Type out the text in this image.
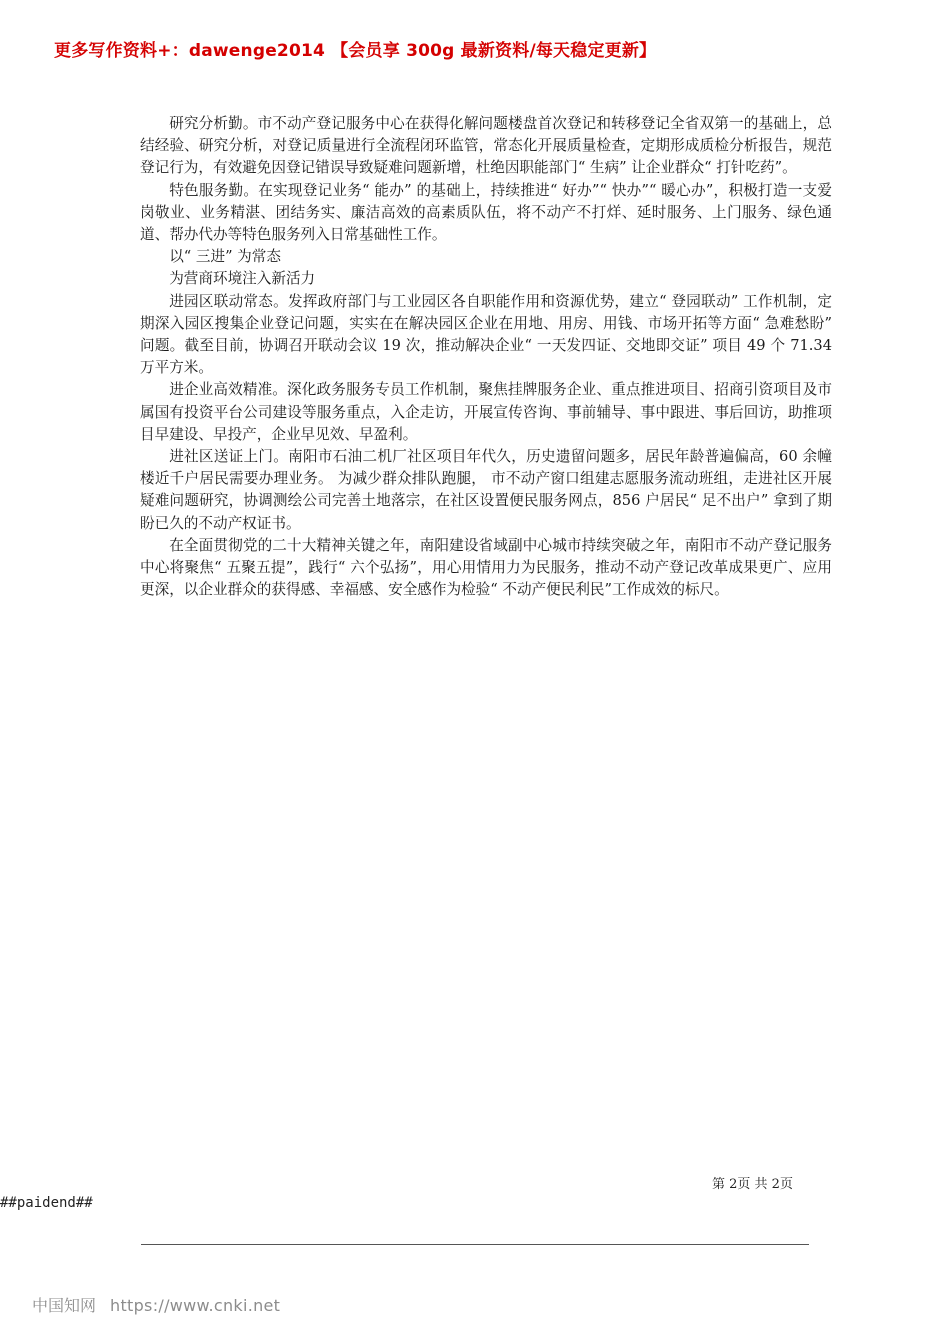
更多写作资料+：dawenge2014 【会员享 300g 最新资料/每天稳定更新】

研究分析勤。市不动产登记服务中心在获得化解问题楼盘首次登记和转移登记全省双第一的基础上，总结经验、研究分析，对登记质量进行全流程闭环监管，常态化开展质量检查，定期形成质检分析报告，规范登记行为，有效避免因登记错误导致疑难问题新增，杜绝因职能部门“ 生病” 让企业群众“ 打针吃药”。

特色服务勤。在实现登记业务“ 能办” 的基础上，持续推进“ 好办”“ 快办”“ 暖心办”，积极打造一支爱岗敬业、业务精湛、团结务实、廉洁高效的高素质队伍，将不动产不打烊、延时服务、上门服务、绿色通道、帮办代办等特色服务列入日常基础性工作。

以“ 三进” 为常态

为营商环境注入新活力

进园区联动常态。发挥政府部门与工业园区各自职能作用和资源优势，建立“ 登园联动” 工作机制，定期深入园区搜集企业登记问题，实实在在解决园区企业在用地、用房、用钱、市场开拓等方面“ 急难愁盼” 问题。截至目前，协调召开联动会议 19 次，推动解决企业“ 一天发四证、交地即交证” 项目 49 个 71.34 万平方米。

进企业高效精准。深化政务服务专员工作机制，聚焦挂牌服务企业、重点推进项目、招商引资项目及市属国有投资平台公司建设等服务重点，入企走访，开展宣传咨询、事前辅导、事中跟进、事后回访，助推项目早建设、早投产，企业早见效、早盈利。

进社区送证上门。南阳市石油二机厂社区项目年代久，历史遗留问题多，居民年龄普遍偏高，60 余幢楼近千户居民需要办理业务。 为减少群众排队跑腿， 市不动产窗口组建志愿服务流动班组，走进社区开展疑难问题研究，协调测绘公司完善土地落宗，在社区设置便民服务网点，856 户居民“ 足不出户” 拿到了期盼已久的不动产权证书。

在全面贯彻党的二十大精神关键之年，南阳建设省域副中心城市持续突破之年，南阳市不动产登记服务中心将聚焦“ 五聚五提”，践行“ 六个弘扬”，用心用情用力为民服务，推动不动产登记改革成果更广、应用更深，以企业群众的获得感、幸福感、安全感作为检验“ 不动产便民利民”工作成效的标尺。

第 2页 共 2页
##paidend##
中国知网 https://www.cnki.net
